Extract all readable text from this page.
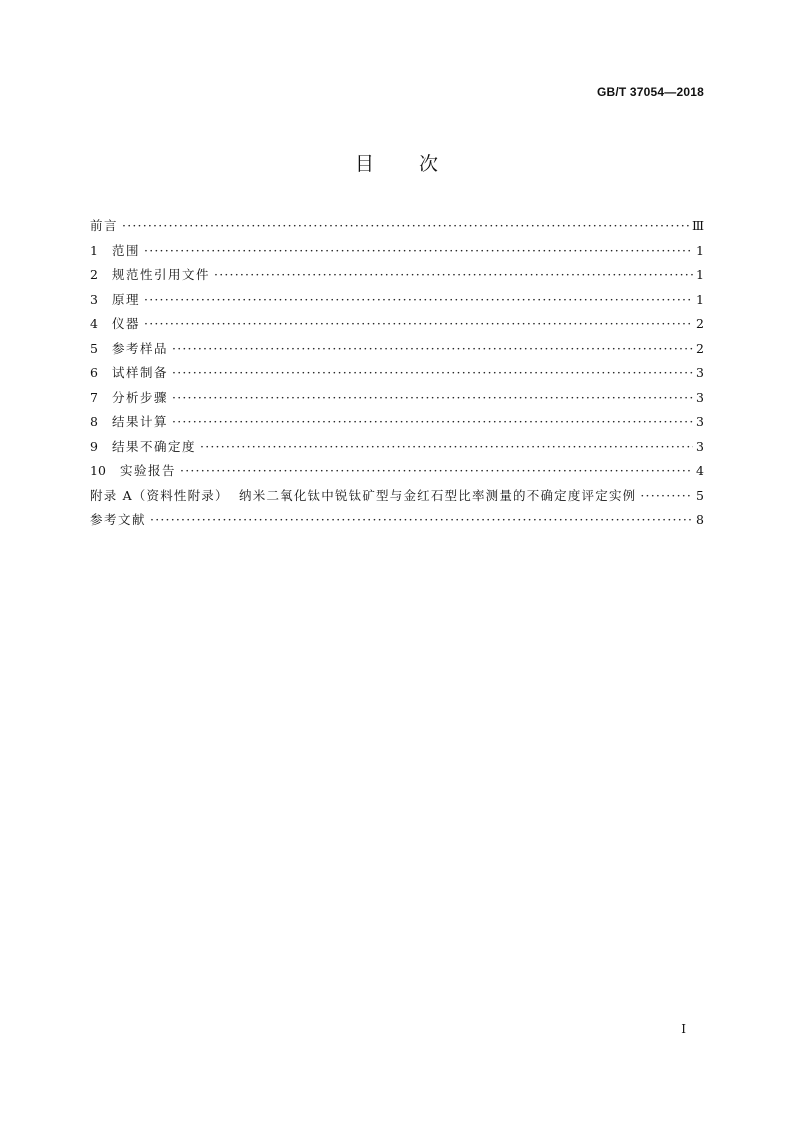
GB/T 37054—2018
目 次
前言 ·····	Ⅲ
1	范围 ·····	1
2	规范性引用文件 ·····	1
3	原理 ·····	1
4	仪器 ·····	2
5	参考样品 ·····	2
6	试样制备 ·····	3
7	分析步骤 ·····	3
8	结果计算 ·····	3
9	结果不确定度 ·····	3
10	实验报告 ·····	4
附录 A（资料性附录）  纳米二氧化钛中锐钛矿型与金红石型比率测量的不确定度评定实例 ·····	5
参考文献 ·····	8
I
